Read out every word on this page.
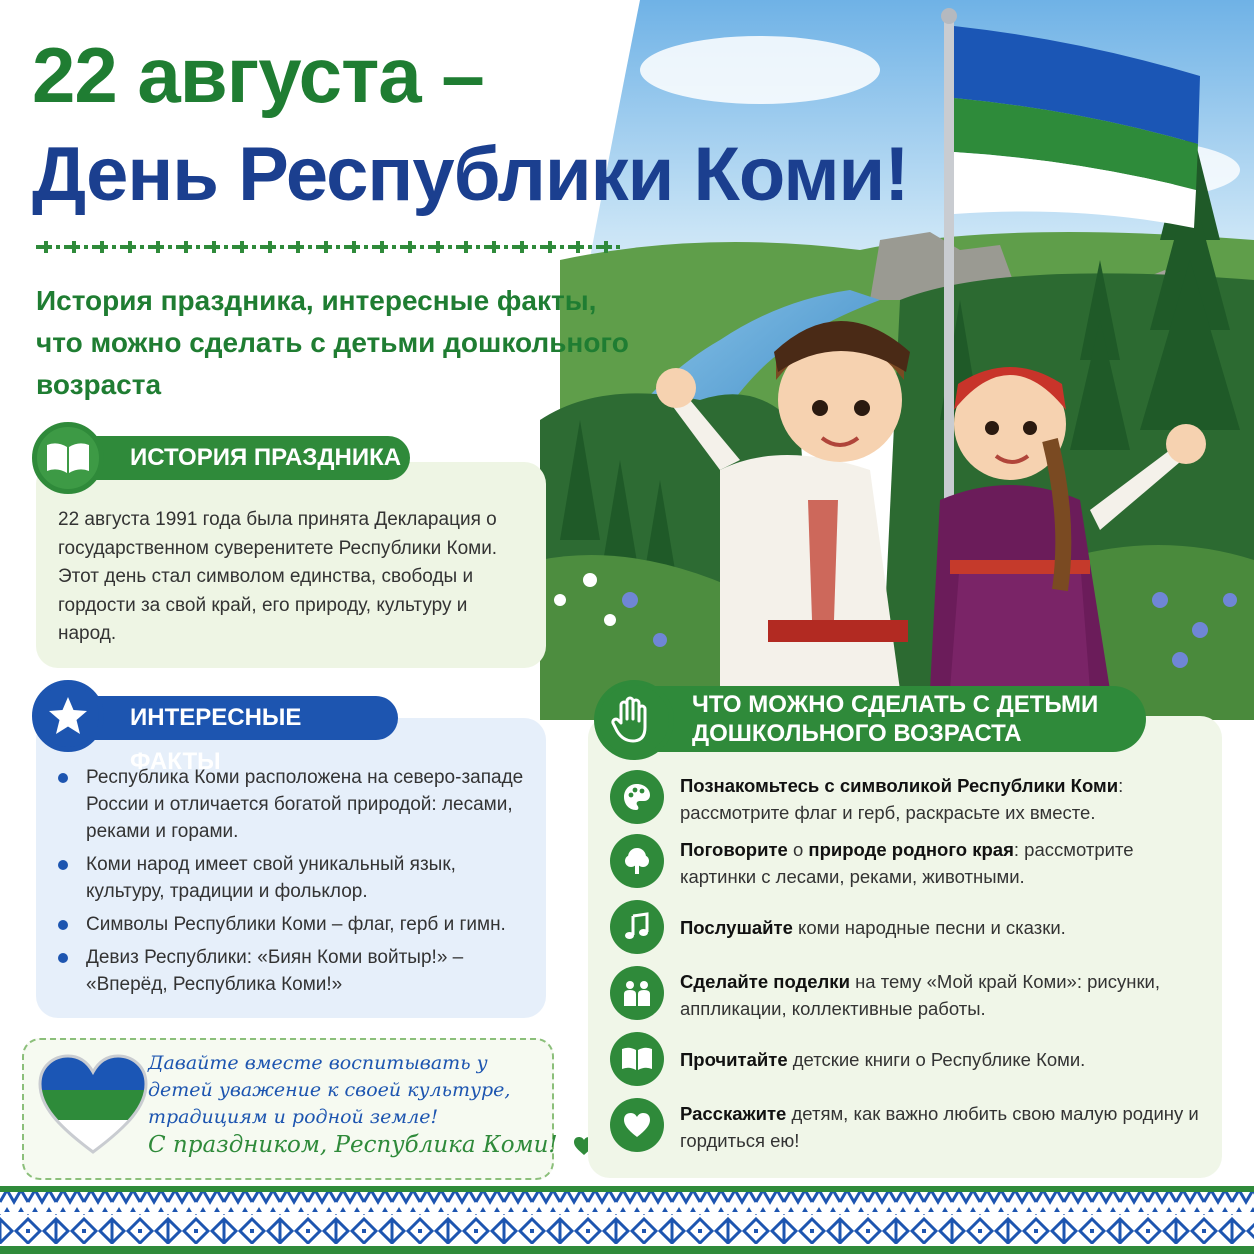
22 августа –
День Республики Коми!
История праздника, интересные факты, что можно сделать с детьми дошкольного возраста
ИСТОРИЯ ПРАЗДНИКА
22 августа 1991 года была принята Декларация о государственном суверенитете Республики Коми. Этот день стал символом единства, свободы и гордости за свой край, его природу, культуру и народ.
ИНТЕРЕСНЫЕ ФАКТЫ
Республика Коми расположена на северо-западе России и отличается богатой природой: лесами, реками и горами.
Коми народ имеет свой уникальный язык, культуру, традиции и фольклор.
Символы Республики Коми – флаг, герб и гимн.
Девиз Республики: «Биян Коми войтыр!» – «Вперёд, Республика Коми!»
Давайте вместе воспитывать у детей уважение к своей культуре, традициям и родной земле!
С праздником, Республика Коми!
ЧТО МОЖНО СДЕЛАТЬ С ДЕТЬМИ ДОШКОЛЬНОГО ВОЗРАСТА
Познакомьтесь с символикой Республики Коми: рассмотрите флаг и герб, раскрасьте их вместе.
Поговорите о природе родного края: рассмотрите картинки с лесами, реками, животными.
Послушайте коми народные песни и сказки.
Сделайте поделки на тему «Мой край Коми»: рисунки, аппликации, коллективные работы.
Прочитайте детские книги о Республике Коми.
Расскажите детям, как важно любить свою малую родину и гордиться ею!
